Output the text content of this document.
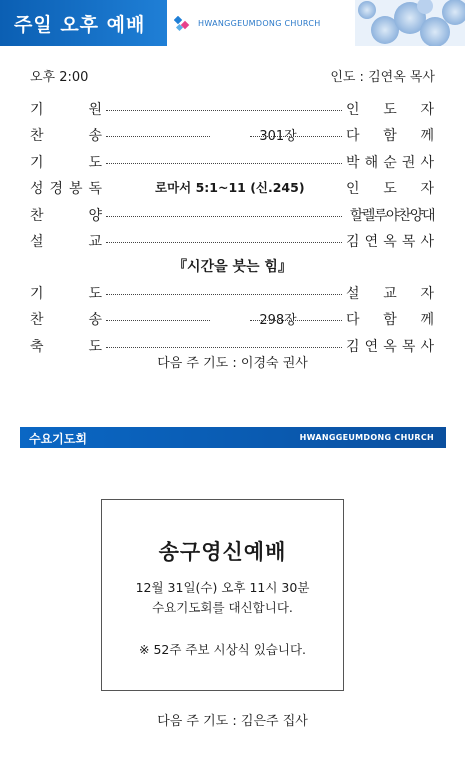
주일 오후 예배	HWANGGEUMDONG CHURCH
오후 2:00	인도 : 김연옥 목사
기	원	인 도 자
찬	송	301장	다 함 께
기	도	박 해 순 권 사
성 경 봉 독	로마서 5:1~11 (신.245)	인 도 자
찬	양	할렐루야찬양대
설	교	김 연 옥 목 사
『시간을 붓는 힘』
기	도	설 교 자
찬	송	298장	다 함 께
축	도	김 연 옥 목 사
다음 주 기도 : 이경숙 권사
수요기도회	HWANGGEUMDONG CHURCH
송구영신예배
12월 31일(수) 오후 11시 30분
수요기도회를 대신합니다.
※ 52주 주보 시상식 있습니다.
다음 주 기도 : 김은주 집사
